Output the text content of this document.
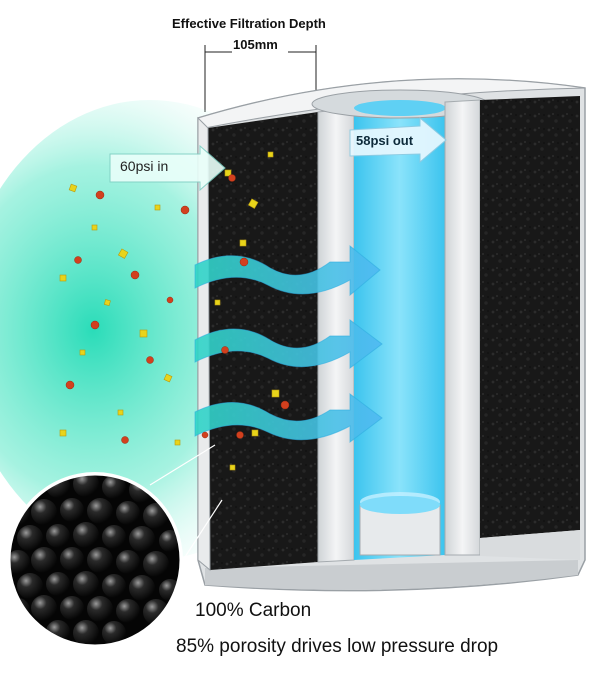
Effective Filtration Depth
105mm
60psi in
58psi out
100% Carbon
85% porosity drives low pressure drop
